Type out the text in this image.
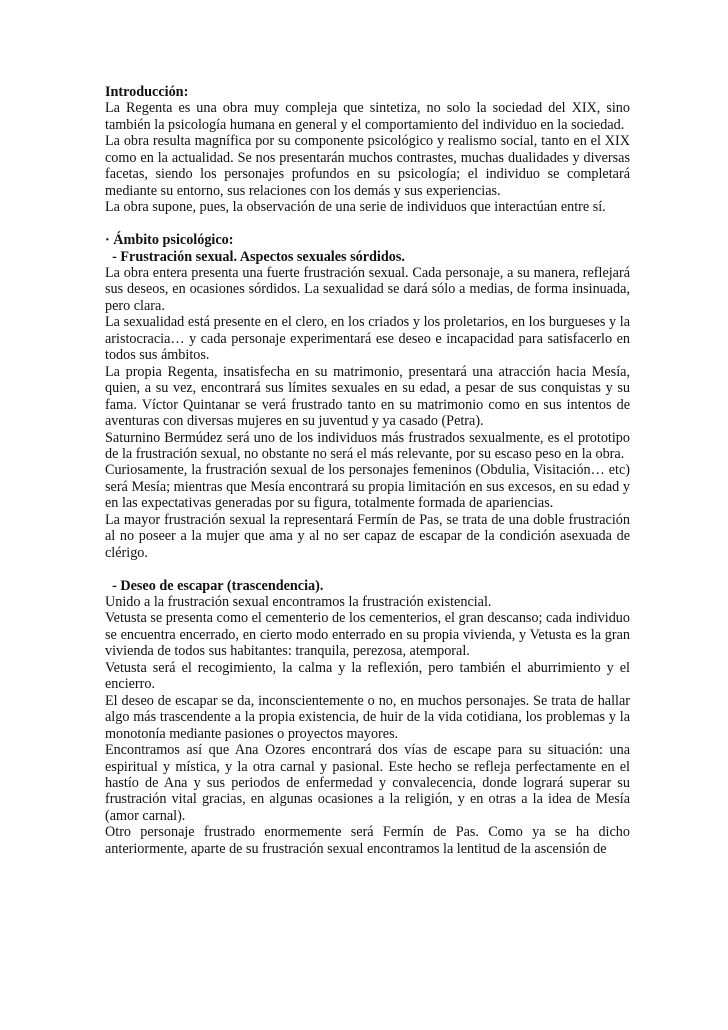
Introducción:

La Regenta es una obra muy compleja que sintetiza, no solo la sociedad del XIX, sino también la psicología humana en general y el comportamiento del individuo en la sociedad.

La obra resulta magnífica por su componente psicológico y realismo social, tanto en el XIX como en la actualidad. Se nos presentarán muchos contrastes, muchas dualidades y diversas facetas, siendo los personajes profundos en su psicología; el individuo se completará mediante su entorno, sus relaciones con los demás y sus experiencias.

La obra supone, pues, la observación de una serie de individuos que interactúan entre sí.

· Ámbito psicológico:
- Frustración sexual. Aspectos sexuales sórdidos.

La obra entera presenta una fuerte frustración sexual. Cada personaje, a su manera, reflejará sus deseos, en ocasiones sórdidos. La sexualidad se dará sólo a medias, de forma insinuada, pero clara.

La sexualidad está presente en el clero, en los criados y los proletarios, en los burgueses y la aristocracia… y cada personaje experimentará ese deseo e incapacidad para satisfacerlo en todos sus ámbitos.

La propia Regenta, insatisfecha en su matrimonio, presentará una atracción hacia Mesía, quien, a su vez, encontrará sus límites sexuales en su edad, a pesar de sus conquistas y su fama. Víctor Quintanar se verá frustrado tanto en su matrimonio como en sus intentos de aventuras con diversas mujeres en su juventud y ya casado (Petra).

Saturnino Bermúdez será uno de los individuos más frustrados sexualmente, es el prototipo de la frustración sexual, no obstante no será el más relevante, por su escaso peso en la obra.

Curiosamente, la frustración sexual de los personajes femeninos (Obdulia, Visitación… etc) será Mesía; mientras que Mesía encontrará su propia limitación en sus excesos, en su edad y en las expectativas generadas por su figura, totalmente formada de apariencias.

La mayor frustración sexual la representará Fermín de Pas, se trata de una doble frustración al no poseer a la mujer que ama y al no ser capaz de escapar de la condición asexuada de clérigo.

- Deseo de escapar (trascendencia).

Unido a la frustración sexual encontramos la frustración existencial.

Vetusta se presenta como el cementerio de los cementerios, el gran descanso; cada individuo se encuentra encerrado, en cierto modo enterrado en su propia vivienda, y Vetusta es la gran vivienda de todos sus habitantes: tranquila, perezosa, atemporal.

Vetusta será el recogimiento, la calma y la reflexión, pero también el aburrimiento y el encierro.

El deseo de escapar se da, inconscientemente o no, en muchos personajes. Se trata de hallar algo más trascendente a la propia existencia, de huir de la vida cotidiana, los problemas y la monotonía mediante pasiones o proyectos mayores.

Encontramos así que Ana Ozores encontrará dos vías de escape para su situación: una espiritual y mística, y la otra carnal y pasional. Este hecho se refleja perfectamente en el hastío de Ana y sus periodos de enfermedad y convalecencia, donde logrará superar su frustración vital gracias, en algunas ocasiones a la religión, y en otras a la idea de Mesía (amor carnal).

Otro personaje frustrado enormemente será Fermín de Pas. Como ya se ha dicho anteriormente, aparte de su frustración sexual encontramos la lentitud de la ascensión de
